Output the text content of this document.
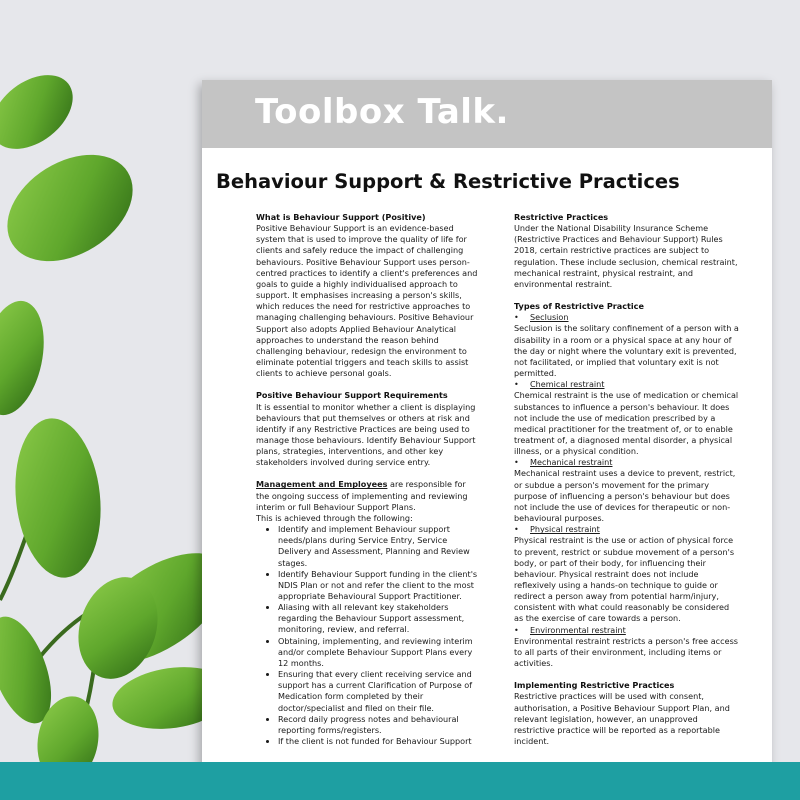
Toolbox Talk.
Behaviour Support & Restrictive Practices
What is Behaviour Support (Positive)
Positive Behaviour Support is an evidence-based system that is used to improve the quality of life for clients and safely reduce the impact of challenging behaviours. Positive Behaviour Support uses person-centred practices to identify a client's preferences and goals to guide a highly individualised approach to support. It emphasises increasing a person's skills, which reduces the need for restrictive approaches to managing challenging behaviours. Positive Behaviour Support also adopts Applied Behaviour Analytical approaches to understand the reason behind challenging behaviour, redesign the environment to eliminate potential triggers and teach skills to assist clients to achieve personal goals.
Positive Behaviour Support Requirements
It is essential to monitor whether a client is displaying behaviours that put themselves or others at risk and identify if any Restrictive Practices are being used to manage those behaviours. Identify Behaviour Support plans, strategies, interventions, and other key stakeholders involved during service entry.
Management and Employees are responsible for the ongoing success of implementing and reviewing interim or full Behaviour Support Plans.
This is achieved through the following:
• Identify and implement Behaviour support needs/plans during Service Entry, Service Delivery and Assessment, Planning and Review stages.
• Identify Behaviour Support funding in the client's NDIS Plan or not and refer the client to the most appropriate Behavioural Support Practitioner.
• Aliasing with all relevant key stakeholders regarding the Behaviour Support assessment, monitoring, review, and referral.
• Obtaining, implementing, and reviewing interim and/or complete Behaviour Support Plans every 12 months.
• Ensuring that every client receiving service and support has a current Clarification of Purpose of Medication form completed by their doctor/specialist and filed on their file.
• Record daily progress notes and behavioural reporting forms/registers.
• If the client is not funded for Behaviour Support
Restrictive Practices
Under the National Disability Insurance Scheme (Restrictive Practices and Behaviour Support) Rules 2018, certain restrictive practices are subject to regulation. These include seclusion, chemical restraint, mechanical restraint, physical restraint, and environmental restraint.
Types of Restrictive Practice
• Seclusion
Seclusion is the solitary confinement of a person with a disability in a room or a physical space at any hour of the day or night where the voluntary exit is prevented, not facilitated, or implied that voluntary exit is not permitted.
• Chemical restraint
Chemical restraint is the use of medication or chemical substances to influence a person's behaviour. It does not include the use of medication prescribed by a medical practitioner for the treatment of, or to enable treatment of, a diagnosed mental disorder, a physical illness, or a physical condition.
• Mechanical restraint
Mechanical restraint uses a device to prevent, restrict, or subdue a person's movement for the primary purpose of influencing a person's behaviour but does not include the use of devices for therapeutic or non-behavioural purposes.
• Physical restraint
Physical restraint is the use or action of physical force to prevent, restrict or subdue movement of a person's body, or part of their body, for influencing their behaviour. Physical restraint does not include reflexively using a hands-on technique to guide or redirect a person away from potential harm/injury, consistent with what could reasonably be considered as the exercise of care towards a person.
• Environmental restraint
Environmental restraint restricts a person's free access to all parts of their environment, including items or activities.
Implementing Restrictive Practices
Restrictive practices will be used with consent, authorisation, a Positive Behaviour Support Plan, and relevant legislation, however, an unapproved restrictive practice will be reported as a reportable incident.
